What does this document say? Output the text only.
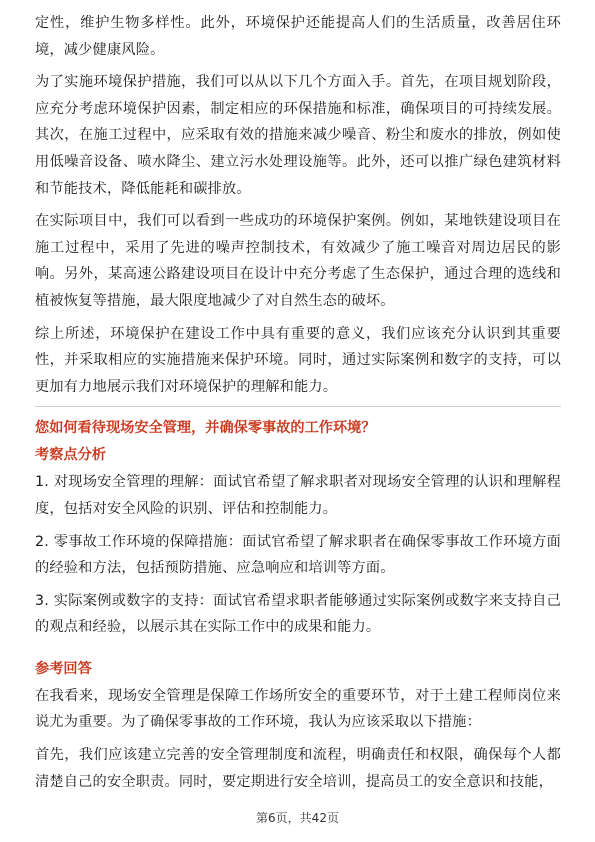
定性，维护生物多样性。此外，环境保护还能提高人们的生活质量，改善居住环境，减少健康风险。

为了实施环境保护措施，我们可以从以下几个方面入手。首先，在项目规划阶段，应充分考虑环境保护因素，制定相应的环保措施和标准，确保项目的可持续发展。其次，在施工过程中，应采取有效的措施来减少噪音、粉尘和废水的排放，例如使用低噪音设备、喷水降尘、建立污水处理设施等。此外，还可以推广绿色建筑材料和节能技术，降低能耗和碳排放。

在实际项目中，我们可以看到一些成功的环境保护案例。例如，某地铁建设项目在施工过程中，采用了先进的噪声控制技术，有效减少了施工噪音对周边居民的影响。另外，某高速公路建设项目在设计中充分考虑了生态保护，通过合理的选线和植被恢复等措施，最大限度地减少了对自然生态的破坏。

综上所述，环境保护在建设工作中具有重要的意义，我们应该充分认识到其重要性，并采取相应的实施措施来保护环境。同时，通过实际案例和数字的支持，可以更加有力地展示我们对环境保护的理解和能力。

您如何看待现场安全管理，并确保零事故的工作环境？
考察点分析

1. 对现场安全管理的理解：面试官希望了解求职者对现场安全管理的认识和理解程度，包括对安全风险的识别、评估和控制能力。

2. 零事故工作环境的保障措施：面试官希望了解求职者在确保零事故工作环境方面的经验和方法，包括预防措施、应急响应和培训等方面。

3. 实际案例或数字的支持：面试官希望求职者能够通过实际案例或数字来支持自己的观点和经验，以展示其在实际工作中的成果和能力。

参考回答

在我看来，现场安全管理是保障工作场所安全的重要环节，对于土建工程师岗位来说尤为重要。为了确保零事故的工作环境，我认为应该采取以下措施：

首先，我们应该建立完善的安全管理制度和流程，明确责任和权限，确保每个人都清楚自己的安全职责。同时，要定期进行安全培训，提高员工的安全意识和技能，

第6页，共42页
